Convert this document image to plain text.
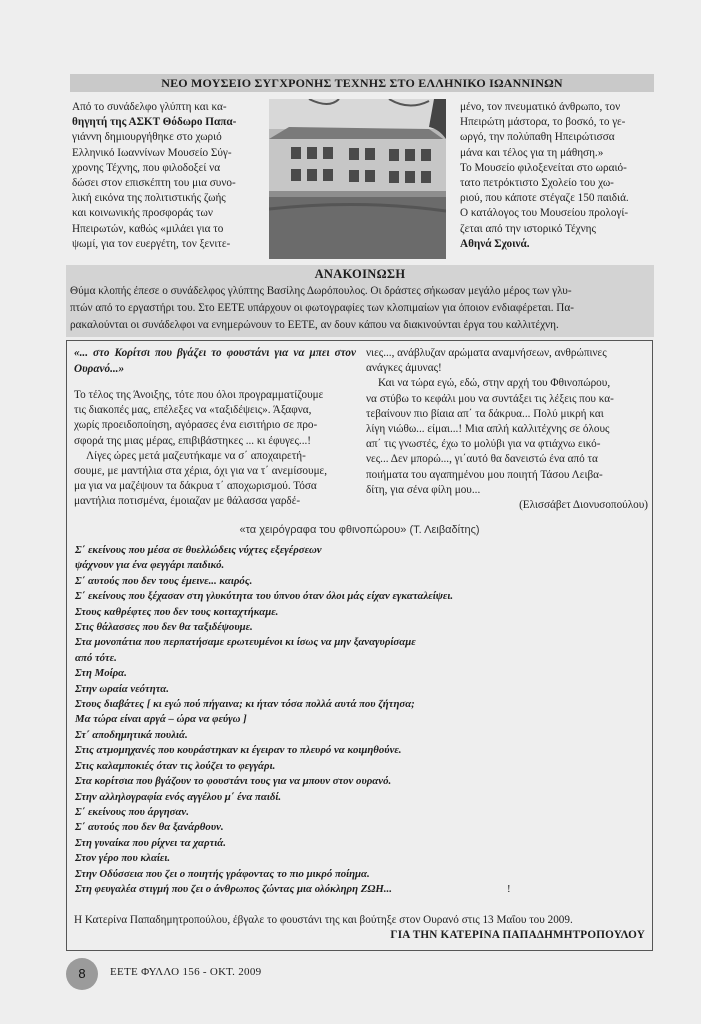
ΝΕΟ ΜΟΥΣΕΙΟ ΣΥΓΧΡΟΝΗΣ ΤΕΧΝΗΣ ΣΤΟ ΕΛΛΗΝΙΚΟ ΙΩΑΝΝΙΝΩΝ

Από το συνάδελφο γλύπτη και κα-

θηγητή της ΑΣΚΤ Θόδωρο Παπα-

γιάννη δημιουργήθηκε στο χωριό

Ελληνικό Ιωαννίνων Μουσείο Σύγ-

χρονης Τέχνης, που φιλοδοξεί να

δώσει στον επισκέπτη του μια συνο-

λική εικόνα της πολιτιστικής ζωής

και κοινωνικής προσφοράς των

Ηπειρωτών, καθώς «μιλάει για το

ψωμί, για τον ευεργέτη, τον ξενιτε-

μένο, τον πνευματικό άνθρωπο, τον

Ηπειρώτη μάστορα, το βοσκό, το γε-

ωργό, την πολύπαθη Ηπειρώτισσα

μάνα και τέλος για τη μάθηση.»

Το Μουσείο φιλοξενείται στο ωραιό-

τατο πετρόκτιστο Σχολείο του χω-

ριού, που κάποτε στέγαζε 150 παιδιά.

Ο κατάλογος του Μουσείου προλογί-

ζεται από την ιστορικό Τέχνης

Αθηνά Σχοινά.

ΑΝΑΚΟΙΝΩΣΗ
Θύμα κλοπής έπεσε ο συνάδελφος γλύπτης Βασίλης Δωρόπουλος. Οι δράστες σήκωσαν μεγάλο μέρος των γλυ-
πτών από το εργαστήρι του. Στο ΕΕΤΕ υπάρχουν οι φωτογραφίες των κλοπιμαίων για όποιον ενδιαφέρεται. Πα-
ρακαλούνται οι συνάδελφοι να ενημερώνουν το ΕΕΤΕ, αν δουν κάπου να διακινούνται έργα του καλλιτέχνη.
«... στο Κορίτσι που βγάζει το φουστάνι για να μπει στον Ουρανό...»

Το τέλος της Άνοιξης, τότε που όλοι προγραμματίζουμε

τις διακοπές μας, επέλεξες να «ταξιδέψεις». Άξαφνα,

χωρίς προειδοποίηση, αγόρασες ένα εισιτήριο σε προ-

σφορά της μιας μέρας, επιβιβάστηκες ... κι έφυγες...!

Λίγες ώρες μετά μαζευτήκαμε να σ΄ αποχαιρετή-

σουμε, με μαντήλια στα χέρια, όχι για να τ΄ ανεμίσουμε,

μα για να μαζέψουν τα δάκρυα τ΄ αποχωρισμού. Τόσα

μαντήλια ποτισμένα, έμοιαζαν με θάλασσα γαρδέ-

νιες..., ανάβλυζαν αρώματα αναμνήσεων, ανθρώπινες

ανάγκες άμυνας!

Και να τώρα εγώ, εδώ, στην αρχή του Φθινοπώρου,

να στύβω το κεφάλι μου να συντάξει τις λέξεις που κα-

τεβαίνουν πιο βίαια απ΄ τα δάκρυα... Πολύ μικρή και

λίγη νιώθω... είμαι...! Μια απλή καλλιτέχνης σε όλους

απ΄ τις γνωστές, έχω το μολύβι για να φτιάχνω εικό-

νες... Δεν μπορώ..., γι΄αυτό θα δανειστώ ένα από τα

ποιήματα του αγαπημένου μου ποιητή Τάσου Λειβα-

δίτη, για σένα φίλη μου...

(Ελισσάβετ Διονυσοπούλου)

«τα χειρόγραφα του φθινοπώρου» (Τ. Λειβαδίτης)
Σ΄ εκείνους που μέσα σε θυελλώδεις νύχτες εξεγέρσεων
ψάχνουν για ένα φεγγάρι παιδικό.
Σ΄ αυτούς που δεν τους έμεινε... καιρός.
Σ΄ εκείνους που ξέχασαν στη γλυκύτητα του ύπνου όταν όλοι μάς είχαν εγκαταλείψει.
Στους καθρέφτες που δεν τους κοιταχτήκαμε.
Στις θάλασσες που δεν θα ταξιδέψουμε.
Στα μονοπάτια που περπατήσαμε ερωτευμένοι κι ίσως να μην ξαναγυρίσαμε
από τότε.
Στη Μοίρα.
Στην ωραία νεότητα.
Στους διαβάτες [ κι εγώ πού πήγαινα; κι ήταν τόσα πολλά αυτά που ζήτησα;
Μα τώρα είναι αργά – ώρα να φεύγω ]
Στ΄ αποδημητικά πουλιά.
Στις ατμομηχανές που κουράστηκαν κι έγειραν το πλευρό να κοιμηθούνε.
Στις καλαμποκιές όταν τις λούζει το φεγγάρι.
Στα κορίτσια που βγάζουν το φουστάνι τους για να μπουν στον ουρανό.
Στην αλληλογραφία ενός αγγέλου μ΄ ένα παιδί.
Σ΄ εκείνους που άργησαν.
Σ΄ αυτούς που δεν θα ξανάρθουν.
Στη γυναίκα που ρίχνει τα χαρτιά.
Στον γέρο που κλαίει.
Στην Οδύσσεια που ζει ο ποιητής γράφοντας το πιο μικρό ποίημα.
Στη φευγαλέα στιγμή που ζει ο άνθρωπος ζώντας μια ολόκληρη ΖΩΗ...	!
Η Κατερίνα Παπαδημητροπούλου, έβγαλε το φουστάνι της και βούτηξε στον Ουρανό στις 13 Μαΐου του 2009.
ΓΙΑ ΤΗΝ ΚΑΤΕΡΙΝΑ ΠΑΠΑΔΗΜΗΤΡΟΠΟΥΛΟΥ
8	ΕΕΤΕ ΦΥΛΛΟ 156 - ΟΚΤ. 2009
